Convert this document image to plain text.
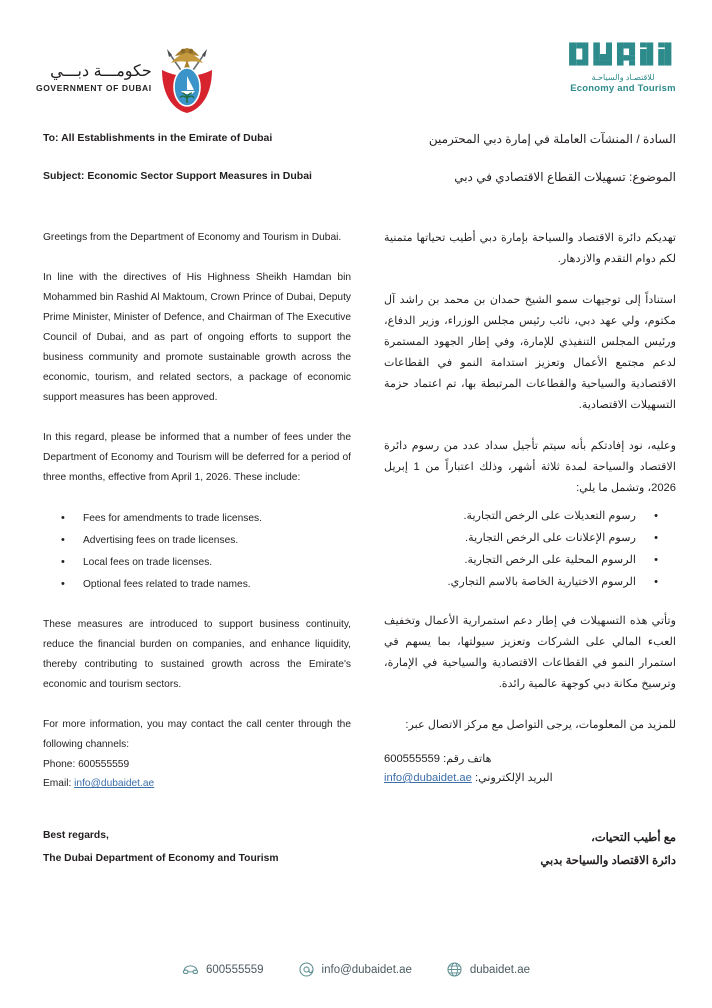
حكومـــة دبـــي
GOVERNMENT OF DUBAI
للاقتصـاد والسياحـة
Economy and Tourism
To: All Establishments in the Emirate of Dubai	السادة / المنشآت العاملة في إمارة دبي المحترمين
Subject: Economic Sector Support Measures in Dubai	الموضوع: تسهيلات القطاع الاقتصادي في دبي

Greetings from the Department of Economy and Tourism in Dubai.

In line with the directives of His Highness Sheikh Hamdan bin Mohammed bin Rashid Al Maktoum, Crown Prince of Dubai, Deputy Prime Minister, Minister of Defence, and Chairman of The Executive Council of Dubai, and as part of ongoing efforts to support the business community and promote sustainable growth across the economic, tourism, and related sectors, a package of economic support measures has been approved.

In this regard, please be informed that a number of fees under the Department of Economy and Tourism will be deferred for a period of three months, effective from April 1, 2026. These include:

• Fees for amendments to trade licenses.
• Advertising fees on trade licenses.
• Local fees on trade licenses.
• Optional fees related to trade names.

These measures are introduced to support business continuity, reduce the financial burden on companies, and enhance liquidity, thereby contributing to sustained growth across the Emirate's economic and tourism sectors.

For more information, you may contact the call center through the following channels:

Phone: 600555559
Email: info@dubaidet.ae

تهديكم دائرة الاقتصاد والسياحة بإمارة دبي أطيب تحياتها متمنية لكم دوام التقدم والازدهار.

استناداً إلى توجيهات سمو الشيخ حمدان بن محمد بن راشد آل مكتوم، ولي عهد دبي، نائب رئيس مجلس الوزراء، وزير الدفاع، ورئيس المجلس التنفيذي للإمارة، وفي إطار الجهود المستمرة لدعم مجتمع الأعمال وتعزيز استدامة النمو في القطاعات الاقتصادية والسياحية والقطاعات المرتبطة بها، تم اعتماد حزمة التسهيلات الاقتصادية.

وعليه، نود إفادتكم بأنه سيتم تأجيل سداد عدد من رسوم دائرة الاقتصاد والسياحة لمدة ثلاثة أشهر، وذلك اعتباراً من 1 إبريل 2026، وتشمل ما يلي:

• رسوم التعديلات على الرخص التجارية.
• رسوم الإعلانات على الرخص التجارية.
• الرسوم المحلية على الرخص التجارية.
• الرسوم الاختيارية الخاصة بالاسم التجاري.

وتأتي هذه التسهيلات في إطار دعم استمرارية الأعمال وتخفيف العبء المالي على الشركات وتعزيز سيولتها، بما يسهم في استمرار النمو في القطاعات الاقتصادية والسياحية في الإمارة، وترسيخ مكانة دبي كوجهة عالمية رائدة.

للمزيد من المعلومات، يرجى التواصل مع مركز الاتصال عبر:

هاتف رقم: 600555559
البريد الإلكتروني: info@dubaidet.ae
Best regards,	مع أطيب التحيات،
The Dubai Department of Economy and Tourism	دائرة الاقتصاد والسياحة بدبي
600555559	info@dubaidet.ae	dubaidet.ae
